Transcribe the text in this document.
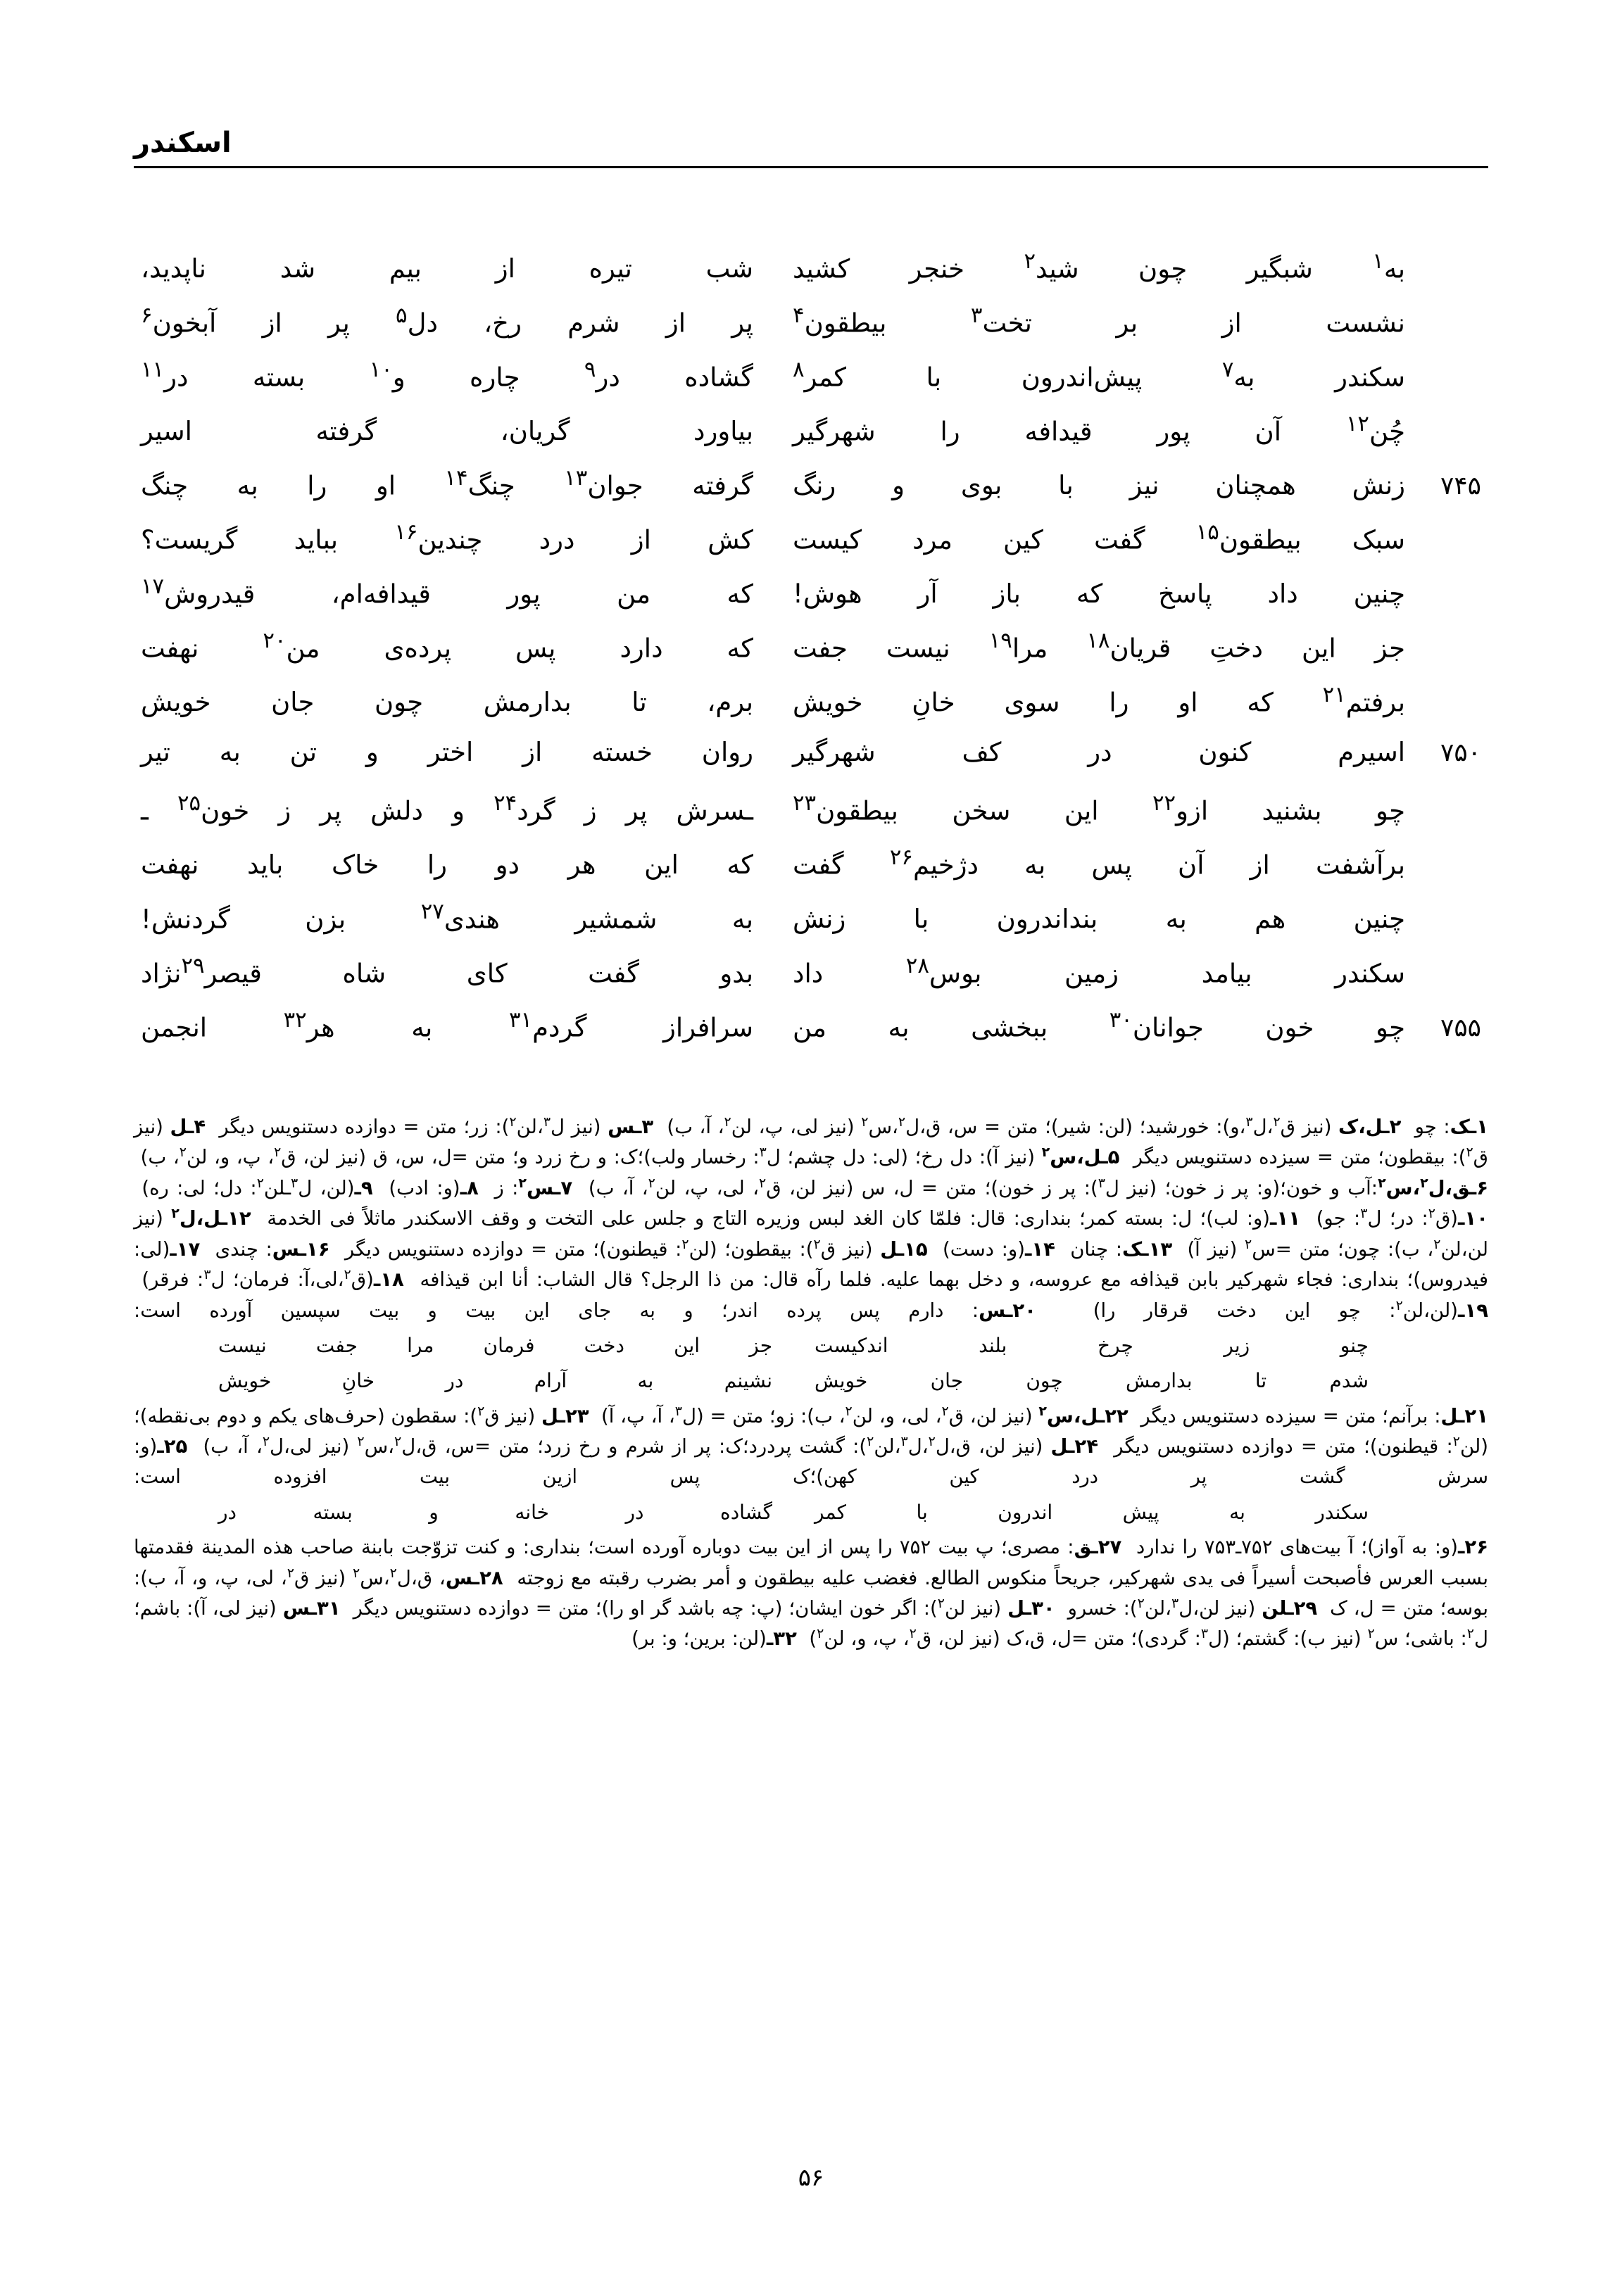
اسکندر
به$^۱$ شبگیر چون شید$^۲$ خنجر کشید
شب تیره از بیم شد ناپدید،
نشست از بر تخت$^۳$ بیطقون$^۴$
پر از شرم رخ، دل$^۵$ پر از آبخون$^۶$
سکندر به$^۷$ پیش‌اندرون با کمر$^۸$
گشاده در$^۹$ چاره و$^{۱۰}$ بسته در$^{۱۱}$
چُن$^{۱۲}$ آن پور قیدافه را شهرگیر
بیاورد گریان، گرفته اسیر
۷۴۵
زنش همچنان نیز با بوی و رنگ
گرفته جوان$^{۱۳}$ چنگ$^{۱۴}$ او را به چنگ
سبک بیطقون$^{۱۵}$ گفت کین مرد کیست
کش از درد چندین$^{۱۶}$ بباید گریست؟
چنین داد پاسخ که باز آر هوش!
که من پور قیدافه‌ام، قیدروش$^{۱۷}$
جز این دختِ قریان$^{۱۸}$ مرا$^{۱۹}$ نیست جفت
که دارد پس پرده‌ی من$^{۲۰}$ نهفت
برفتم$^{۲۱}$ که او را سوی خانِ خویش
برم، تا بدارمش چون جان خویش
۷۵۰
اسیرم کنون در کف شهرگیر
روان خسته از اختر و تن به تیر
چو بشنید ازو$^{۲۲}$ این سخن بیطقون$^{۲۳}$
ـسرش پر ز گرد$^{۲۴}$ و دلش پر ز خون$^{۲۵}$ ـ
برآشفت از آن پس به دژخیم$^{۲۶}$ گفت
که این هر دو را خاک باید نهفت
چنین هم به بنداندرون با زنش
به شمشیر هندی$^{۲۷}$ بزن گردنش!
سکندر بیامد زمین بوس$^{۲۸}$ داد
بدو گفت کای شاه قیصر$^{۲۹}$نژاد
۷۵۵
چو خون جوانان$^{۳۰}$ ببخشی به من
سرافراز گردم$^{۳۱}$ به هر$^{۳۲}$ انجمن
۱ـک: چو  ۲ـل،ک (نیز ق$^۲$،ل$^۳$،و): خورشید؛ (لن: شیر)؛ متن = س، ق،ل$^۲$،س$^۲$ (نیز لی، پ، لن$^۲$، آ، ب)  ۳ـس (نیز ل$^۳$،لن$^۲$): زر؛ متن = دوازده دستنویس دیگر  ۴ـل (نیز ق$^۲$): بیقطون؛ متن = سیزده دستنویس دیگر  ۵ـل،س$^۲$ (نیز آ): دل رخ؛ (لی: دل چشم؛ ل$^۳$: رخسار ولب)؛ک: و رخ زرد و؛ متن =ل، س، ق (نیز لن، ق$^۲$، پ، و، لن$^۲$، ب)  ۶ـق،ل$^۲$،س$^۲$:آب و خون؛(و: پر ز خون؛ (نیز ل$^۳$): پر ز خون)؛ متن = ل، س (نیز لن، ق$^۲$، لی، پ، لن$^۲$، آ، ب)  ۷ـس$^۲$: ز  ۸ـ(و: ادب)  ۹ـ(لن، ل$^۳$ـلن$^۲$: دل؛ لی: ره)  ۱۰ـ(ق$^۲$: در؛ ل$^۳$: جو)  ۱۱ـ(و: لب)؛ ل: بسته کمر؛ بنداری: قال: فلمّا کان الغد لبس وزیره التاج و جلس علی التخت و وقف الاسکندر ماثلاً فی الخدمة  ۱۲ـل،ل$^۲$ (نیز لن،لن$^۲$، ب): چون؛ متن =س$^۲$ (نیز آ)  ۱۳ـک: چنان  ۱۴ـ(و: دست)  ۱۵ـل (نیز ق$^۲$): بیقطون؛ (لن$^۲$: قیطنون)؛ متن = دوازده دستنویس دیگر  ۱۶ـس: چندی  ۱۷ـ(لی: فیدروس)؛ بنداری: فجاء شهرکیر بابن قیذافه مع عروسه، و دخل بهما علیه. فلما رآه قال: من ذا الرجل؟ قال الشاب: أنا ابن قیذافه  ۱۸ـ(ق$^۲$،لی،آ: فرمان؛ ل$^۳$: فرقر)  ۱۹ـ(لن،لن$^۲$: چو این دخت قرقار را)  ۲۰ـس: دارم پس پرده اندر؛ و به جای این بیت و بیت سپسین آورده است:
چنو زیر چرخ بلند اندکیست
جز این دخت فرمان مرا جفت نیست
شدم تا بدارمش چون جان خویش
نشینم به آرام در خانِ خویش
۲۱ـل: برآنم؛ متن = سیزده دستنویس دیگر  ۲۲ـل،س$^۲$ (نیز لن، ق$^۲$، لی، و، لن$^۲$، ب): زو؛ متن = (ل$^۳$، آ، پ، آ)  ۲۳ـل (نیز ق$^۲$): سقطون (حرف‌های یکم و دوم بی‌نقطه)؛ (لن$^۲$: قیطنون)؛ متن = دوازده دستنویس دیگر  ۲۴ـل (نیز لن، ق،ل$^۲$،ل$^۳$،لن$^۲$): گشت پردرد؛ک: پر از شرم و رخ زرد؛ متن =س، ق،ل$^۲$،س$^۲$ (نیز لی،ل$^۲$، آ، ب)  ۲۵ـ(و: سرش گشت پر درد کین کهن)؛ک پس ازین بیت افزوده است:
سکندر به پیش اندرون با کمر
گشاده در خانه و بسته در
۲۶ـ(و: به آواز)؛ آ بیت‌های ۷۵۲ـ۷۵۳ را ندارد  ۲۷ـق: مصری؛ پ بیت ۷۵۲ را پس از این بیت دوباره آورده است؛ بنداری: و کنت تزوّجت بابنة صاحب هذه المدینة فقدمتها بسبب العرس فأصبحت أسیراً فی یدی شهرکیر، جریحاً منکوس الطالع. فغضب علیه بیطقون و أمر بضرب رقبته مع زوجته  ۲۸ـس، ق،ل$^۲$،س$^۲$ (نیز ق$^۲$، لی، پ، و، آ، ب): بوسه؛ متن = ل، ک  ۲۹ـلن (نیز لن،ل$^۳$،لن$^۲$): خسرو  ۳۰ـل (نیز لن$^۲$): اگر خون ایشان؛ (پ: چه باشد گر او را)؛ متن = دوازده دستنویس دیگر  ۳۱ـس (نیز لی، آ): باشم؛ل$^۲$: باشی؛ س$^۲$ (نیز ب): گشتم؛ (ل$^۳$: گردی)؛ متن =ل، ق،ک (نیز لن، ق$^۲$، پ، و، لن$^۲$)  ۳۲ـ(لن: برین؛ و: بر)
۵۶
